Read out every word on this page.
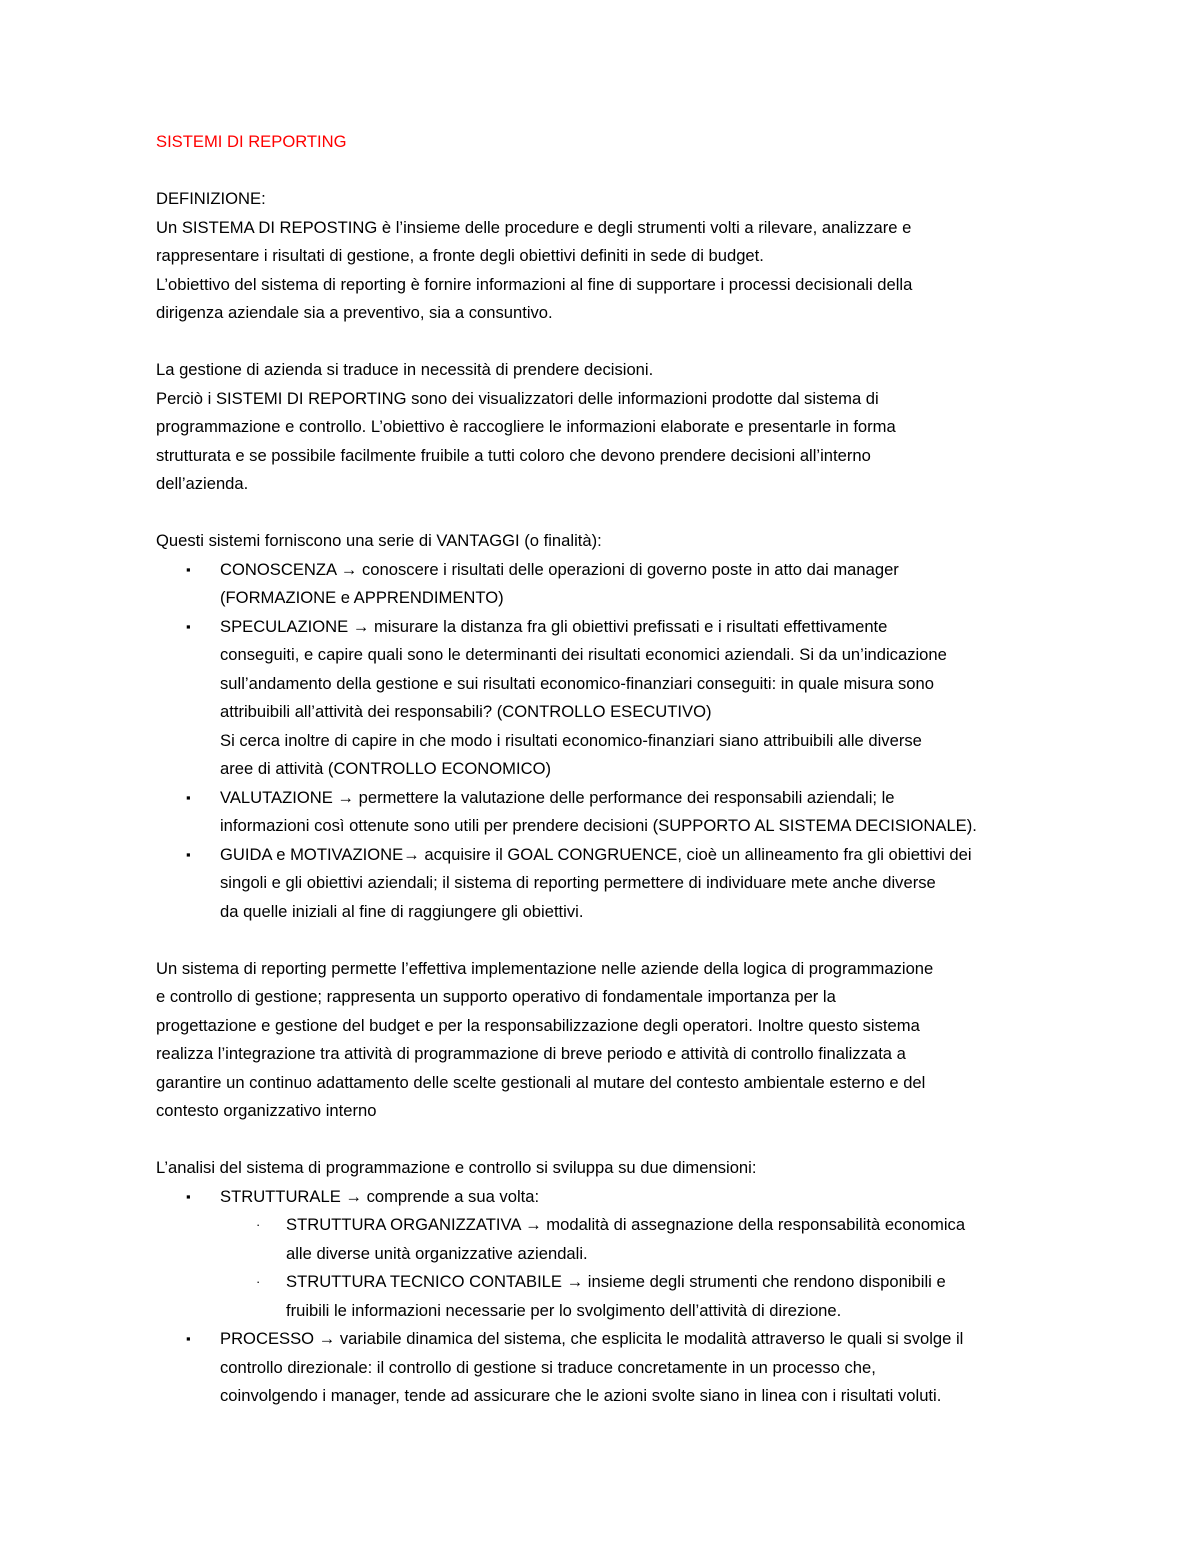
SISTEMI DI REPORTING

DEFINIZIONE:

Un SISTEMA DI REPOSTING è l’insieme delle procedure e degli strumenti volti a rilevare, analizzare e

rappresentare i risultati di gestione, a fronte degli obiettivi definiti in sede di budget.

L’obiettivo del sistema di reporting è fornire informazioni al fine di supportare i processi decisionali della

dirigenza aziendale sia a preventivo, sia a consuntivo.

La gestione di azienda si traduce in necessità di prendere decisioni.

Perciò i SISTEMI DI REPORTING sono dei visualizzatori delle informazioni prodotte dal sistema di

programmazione e controllo. L’obiettivo è raccogliere le informazioni elaborate e presentarle in forma

strutturata e se possibile facilmente fruibile a tutti coloro che devono prendere decisioni all’interno

dell’azienda.

Questi sistemi forniscono una serie di VANTAGGI (o finalità):

▪ CONOSCENZA → conoscere i risultati delle operazioni di governo poste in atto dai manager

(FORMAZIONE e APPRENDIMENTO)

▪ SPECULAZIONE → misurare la distanza fra gli obiettivi prefissati e i risultati effettivamente

conseguiti, e capire quali sono le determinanti dei risultati economici aziendali. Si da un’indicazione

sull’andamento della gestione e sui risultati economico-finanziari conseguiti: in quale misura sono

attribuibili all’attività dei responsabili? (CONTROLLO ESECUTIVO)

Si cerca inoltre di capire in che modo i risultati economico-finanziari siano attribuibili alle diverse

aree di attività (CONTROLLO ECONOMICO)

▪ VALUTAZIONE → permettere la valutazione delle performance dei responsabili aziendali; le

informazioni così ottenute sono utili per prendere decisioni (SUPPORTO AL SISTEMA DECISIONALE).

▪ GUIDA e MOTIVAZIONE→ acquisire il GOAL CONGRUENCE, cioè un allineamento fra gli obiettivi dei

singoli e gli obiettivi aziendali; il sistema di reporting permettere di individuare mete anche diverse

da quelle iniziali al fine di raggiungere gli obiettivi.

Un sistema di reporting permette l’effettiva implementazione nelle aziende della logica di programmazione

e controllo di gestione; rappresenta un supporto operativo di fondamentale importanza per la

progettazione e gestione del budget e per la responsabilizzazione degli operatori. Inoltre questo sistema

realizza l’integrazione tra attività di programmazione di breve periodo e attività di controllo finalizzata a

garantire un continuo adattamento delle scelte gestionali al mutare del contesto ambientale esterno e del

contesto organizzativo interno

L’analisi del sistema di programmazione e controllo si sviluppa su due dimensioni:

▪ STRUTTURALE → comprende a sua volta:

· STRUTTURA ORGANIZZATIVA → modalità di assegnazione della responsabilità economica

alle diverse unità organizzative aziendali.

· STRUTTURA TECNICO CONTABILE → insieme degli strumenti che rendono disponibili e

fruibili le informazioni necessarie per lo svolgimento dell’attività di direzione.

▪ PROCESSO → variabile dinamica del sistema, che esplicita le modalità attraverso le quali si svolge il

controllo direzionale: il controllo di gestione si traduce concretamente in un processo che,

coinvolgendo i manager, tende ad assicurare che le azioni svolte siano in linea con i risultati voluti.
